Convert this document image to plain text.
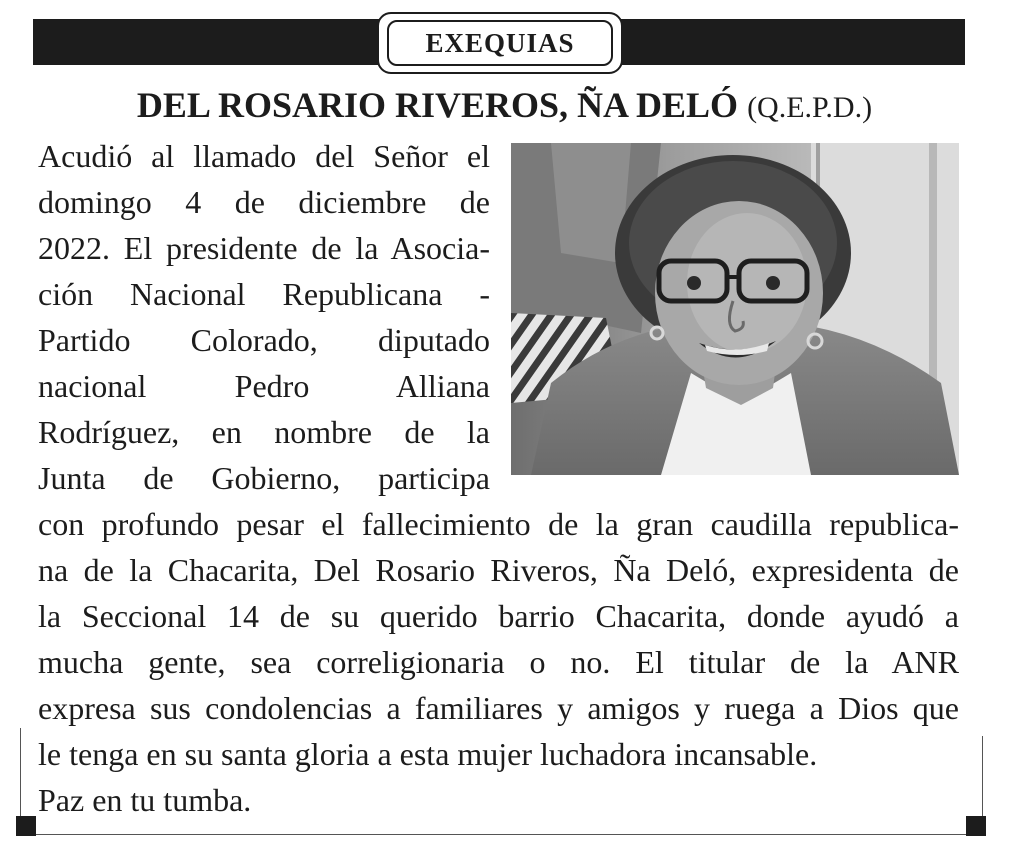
EXEQUIAS
DEL ROSARIO RIVEROS, ÑA DELÓ (Q.E.P.D.)
Acudió al llamado del Señor el
domingo 4 de diciembre de
2022. El presidente de la Asocia-
ción Nacional Republicana -
Partido Colorado, diputado
nacional Pedro Alliana
Rodríguez, en nombre de la
Junta de Gobierno, participa
con profundo pesar el fallecimiento de la gran caudilla republica-
na de la Chacarita, Del Rosario Riveros, Ña Deló, expresidenta de
la Seccional 14 de su querido barrio Chacarita, donde ayudó a
mucha gente, sea correligionaria o no. El titular de la ANR
expresa sus condolencias a familiares y amigos y ruega a Dios que
le tenga en su santa gloria a esta mujer luchadora incansable.
Paz en tu tumba.
